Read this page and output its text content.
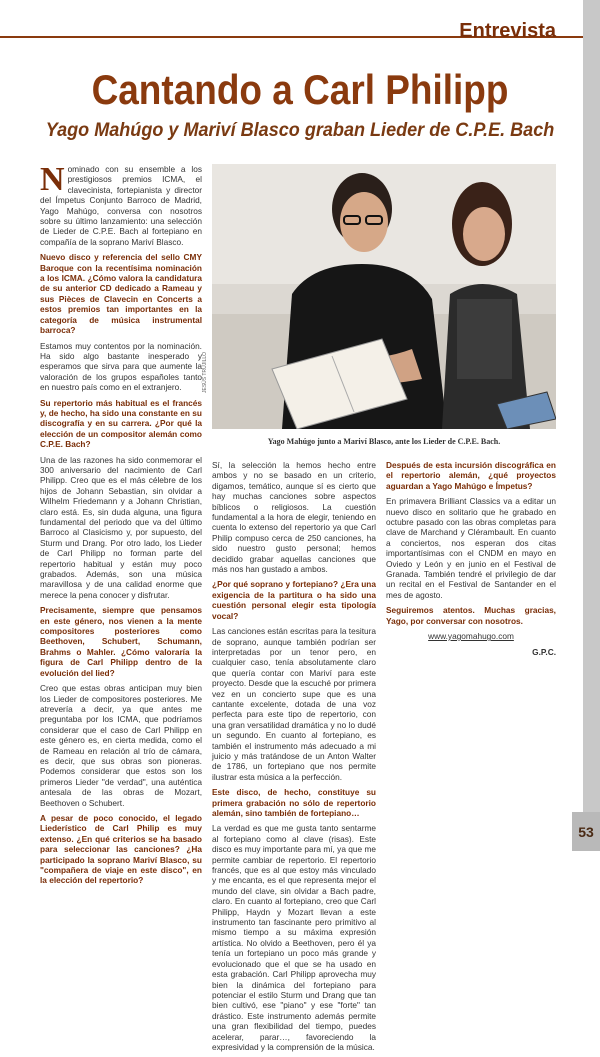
Entrevista
Cantando a Carl Philipp
Yago Mahúgo y Mariví Blasco graban Lieder de C.P.E. Bach

Nominado con su ensemble a los prestigiosos premios ICMA, el clavecinista, fortepianista y director del Ímpetus Conjunto Barroco de Madrid, Yago Mahúgo, conversa con nosotros sobre su último lanzamiento: una selección de Lieder de C.P.E. Bach al fortepiano en compañía de la soprano Mariví Blasco.

Nuevo disco y referencia del sello CMY Baroque con la recentísima nominación a los ICMA. ¿Cómo valora la candidatura de su anterior CD dedicado a Rameau y sus Pièces de Clavecin en Concerts a estos premios tan importantes en la categoría de música instrumental barroca?

Estamos muy contentos por la nominación. Ha sido algo bastante inesperado y esperamos que sirva para que aumente la valoración de los grupos españoles tanto en nuestro país como en el extranjero.

Su repertorio más habitual es el francés y, de hecho, ha sido una constante en su discografía y en su carrera. ¿Por qué la elección de un compositor alemán como C.P.E. Bach?

Una de las razones ha sido conmemorar el 300 aniversario del nacimiento de Carl Philipp. Creo que es el más célebre de los hijos de Johann Sebastian, sin olvidar a Wilhelm Friedemann y a Johann Christian, claro está. Es, sin duda alguna, una figura fundamental del periodo que va del último Barroco al Clasicismo y, por supuesto, del Sturm und Drang. Por otro lado, los Lieder de Carl Philipp no forman parte del repertorio habitual y están muy poco grabados. Además, son una música maravillosa y de una calidad enorme que merece la pena conocer y disfrutar.

Precisamente, siempre que pensamos en este género, nos vienen a la mente compositores posteriores como Beethoven, Schubert, Schumann, Brahms o Mahler. ¿Cómo valoraría la figura de Carl Philipp dentro de la evolución del lied?

Creo que estas obras anticipan muy bien los Lieder de compositores posteriores. Me atrevería a decir, ya que antes me preguntaba por los ICMA, que podríamos considerar que el caso de Carl Philipp en este género es, en cierta medida, como el de Rameau en relación al trío de cámara, es decir, que sus obras son pioneras. Podemos considerar que estos son los primeros Lieder "de verdad", una auténtica antesala de las obras de Mozart, Beethoven o Schubert.

A pesar de poco conocido, el legado Liederístico de Carl Philip es muy extenso. ¿En qué criterios se ha basado para seleccionar las canciones? ¿Ha participado la soprano Mariví Blasco, su "compañera de viaje en este disco", en la elección del repertorio?

JESÚS TRUJILLO
Yago Mahúgo junto a Mariví Blasco, ante los Lieder de C.P.E. Bach.

Sí, la selección la hemos hecho entre ambos y no se basado en un criterio, digamos, temático, aunque sí es cierto que hay muchas canciones sobre aspectos bíblicos o religiosos. La cuestión fundamental a la hora de elegir, teniendo en cuenta lo extenso del repertorio ya que Carl Philip compuso cerca de 250 canciones, ha sido nuestro gusto personal; hemos decidido grabar aquellas canciones que más nos han gustado a ambos.

¿Por qué soprano y fortepiano? ¿Era una exigencia de la partitura o ha sido una cuestión personal elegir esta tipología vocal?

Las canciones están escritas para la tesitura de soprano, aunque también podrían ser interpretadas por un tenor pero, en cualquier caso, tenía absolutamente claro que quería contar con Mariví para este proyecto. Desde que la escuché por primera vez en un concierto supe que es una cantante excelente, dotada de una voz perfecta para este tipo de repertorio, con una gran versatilidad dramática y no lo dudé un segundo. En cuanto al fortepiano, es también el instrumento más adecuado a mi juicio y más tratándose de un Anton Walter de 1786, un fortepiano que nos permite ilustrar esta música a la perfección.

Este disco, de hecho, constituye su primera grabación no sólo de repertorio alemán, sino también de fortepiano…

La verdad es que me gusta tanto sentarme al fortepiano como al clave (risas). Este disco es muy importante para mí, ya que me permite cambiar de repertorio. El repertorio francés, que es al que estoy más vinculado y me encanta, es el que representa mejor el mundo del clave, sin olvidar a Bach padre, claro. En cuanto al fortepiano, creo que Carl Philipp, Haydn y Mozart llevan a este instrumento tan fascinante pero primitivo al mismo tiempo a su máxima expresión artística. No olvido a Beethoven, pero él ya tenía un fortepiano un poco más grande y evolucionado que el que se ha usado en esta grabación. Carl Philipp aprovecha muy bien la dinámica del fortepiano para potenciar el estilo Sturm und Drang que tan bien cultivó, ese "piano" y ese "forte" tan drástico. Este instrumento además permite una gran flexibilidad del tiempo, puedes acelerar, parar…, favoreciendo la expresividad y la comprensión de la música.

Después de esta incursión discográfica en el repertorio alemán, ¿qué proyectos aguardan a Yago Mahúgo e Ímpetus?

En primavera Brilliant Classics va a editar un nuevo disco en solitario que he grabado en octubre pasado con las obras completas para clave de Marchand y Clérambault. En cuanto a conciertos, nos esperan dos citas importantísimas con el CNDM en mayo en Oviedo y León y en junio en el Festival de Granada. También tendré el privilegio de dar un recital en el Festival de Santander en el mes de agosto.

Seguiremos atentos. Muchas gracias, Yago, por conversar con nosotros.

www.yagomahugo.com

G.P.C.

53
